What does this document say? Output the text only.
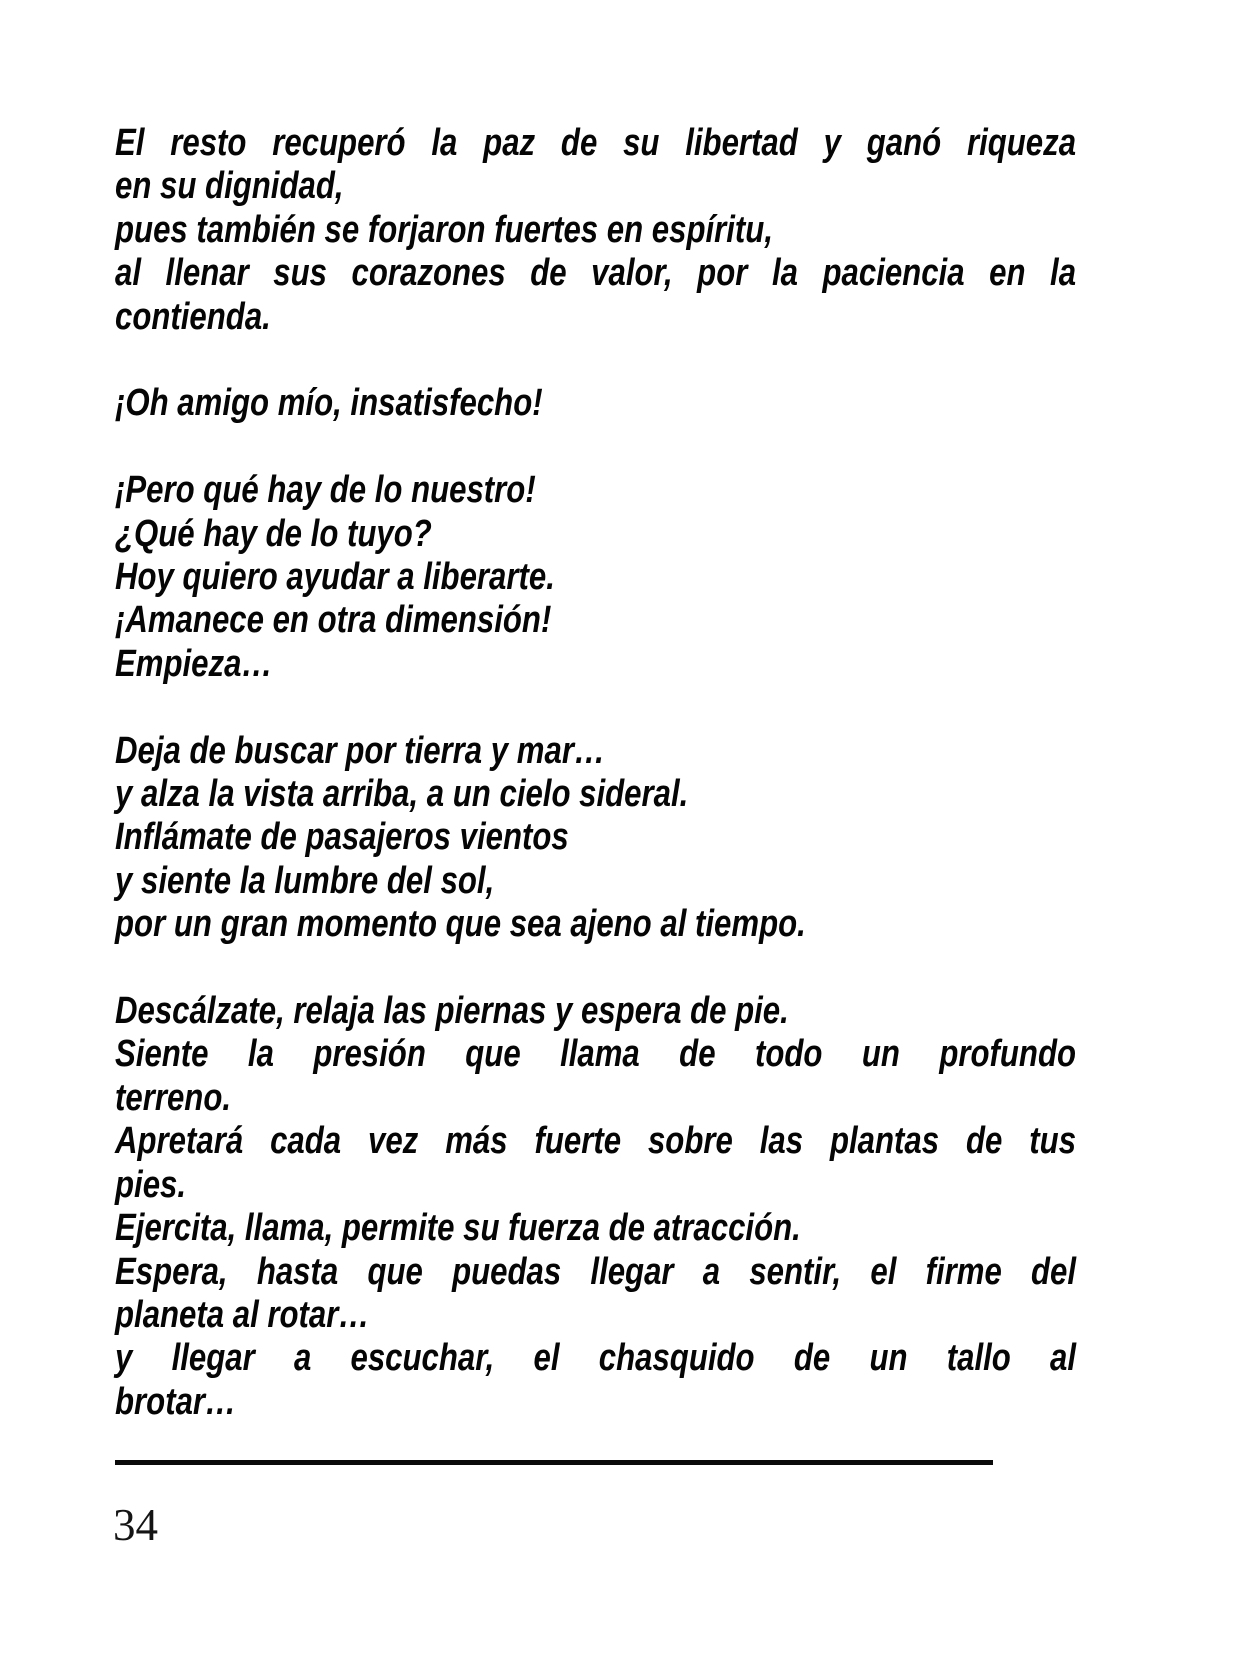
El resto recuperó la paz de su libertad y ganó riqueza
en su dignidad,
pues también se forjaron fuertes en espíritu,
al llenar sus corazones de valor, por la paciencia en la
contienda.
¡Oh amigo mío, insatisfecho!
¡Pero qué hay de lo nuestro!
¿Qué hay de lo tuyo?
Hoy quiero ayudar a liberarte.
¡Amanece en otra dimensión!
Empieza…
Deja de buscar por tierra y mar…
y alza la vista arriba, a un cielo sideral.
Inflámate de pasajeros vientos
y siente la lumbre del sol,
por un gran momento que sea ajeno al tiempo.
Descálzate, relaja las piernas y espera de pie.
Siente la presión que llama de todo un profundo
terreno.
Apretará cada vez más fuerte sobre las plantas de tus
pies.
Ejercita, llama, permite su fuerza de atracción.
Espera, hasta que puedas llegar a sentir, el firme del
planeta al rotar…
y llegar a escuchar, el chasquido de un tallo al
brotar…
34
